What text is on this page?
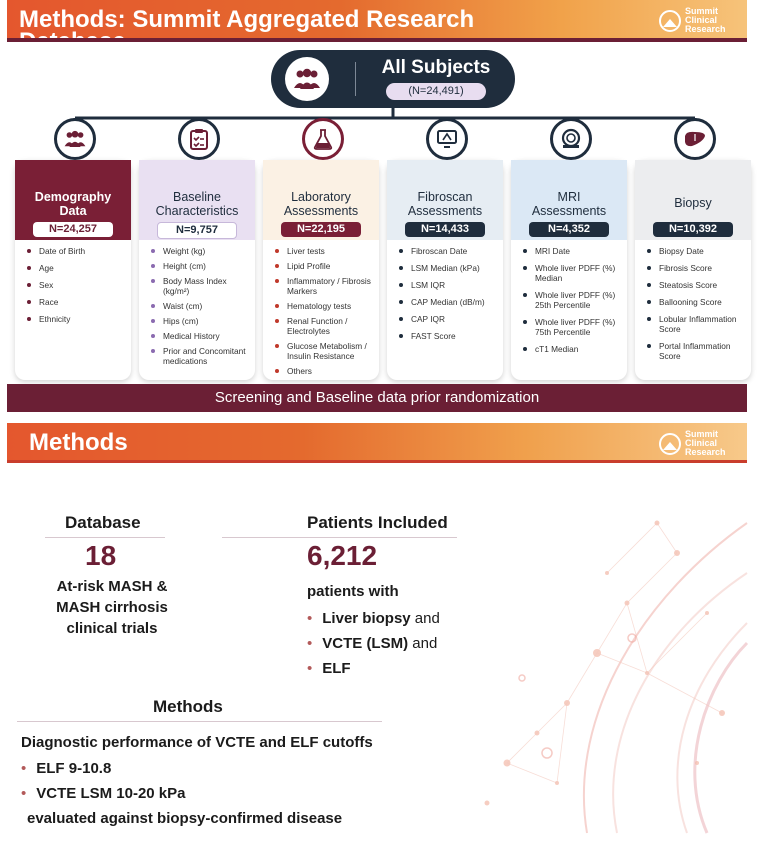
Methods: Summit Aggregated Research	Summit
Clinical
Research
All Subjects
(N=24,491)
Demography
Data
N=24,257
Date of Birth
Age
Sex
Race
Ethnicity
Baseline
Characteristics
N=9,757
Weight (kg)
Height (cm)
Body Mass Index (kg/m²)
Waist (cm)
Hips (cm)
Medical History
Prior and Concomitant medications
Laboratory
Assessments
N=22,195
Liver tests
Lipid Profile
Inflammatory / Fibrosis Markers
Hematology tests
Renal Function / Electrolytes
Glucose Metabolism / Insulin Resistance
Others
Fibroscan
Assessments
N=14,433
Fibroscan Date
LSM Median (kPa)
LSM IQR
CAP Median (dB/m)
CAP IQR
FAST Score
MRI
Assessments
N=4,352
MRI Date
Whole liver PDFF (%) Median
Whole liver PDFF (%) 25th Percentile
Whole liver PDFF (%) 75th Percentile
cT1 Median
Biopsy
N=10,392
Biopsy Date
Fibrosis Score
Steatosis Score
Ballooning Score
Lobular Inflammation Score
Portal Inflammation Score
Screening and Baseline data prior randomization
Methods	Summit
Clinical
Research
Database
18
At-risk MASH &
MASH cirrhosis
clinical trials
Patients Included
6,212
patients with
• Liver biopsy and
• VCTE (LSM) and
• ELF
Methods
Diagnostic performance of VCTE and ELF cutoffs
• ELF 9-10.8
• VCTE LSM 10-20 kPa
evaluated against biopsy-confirmed disease
